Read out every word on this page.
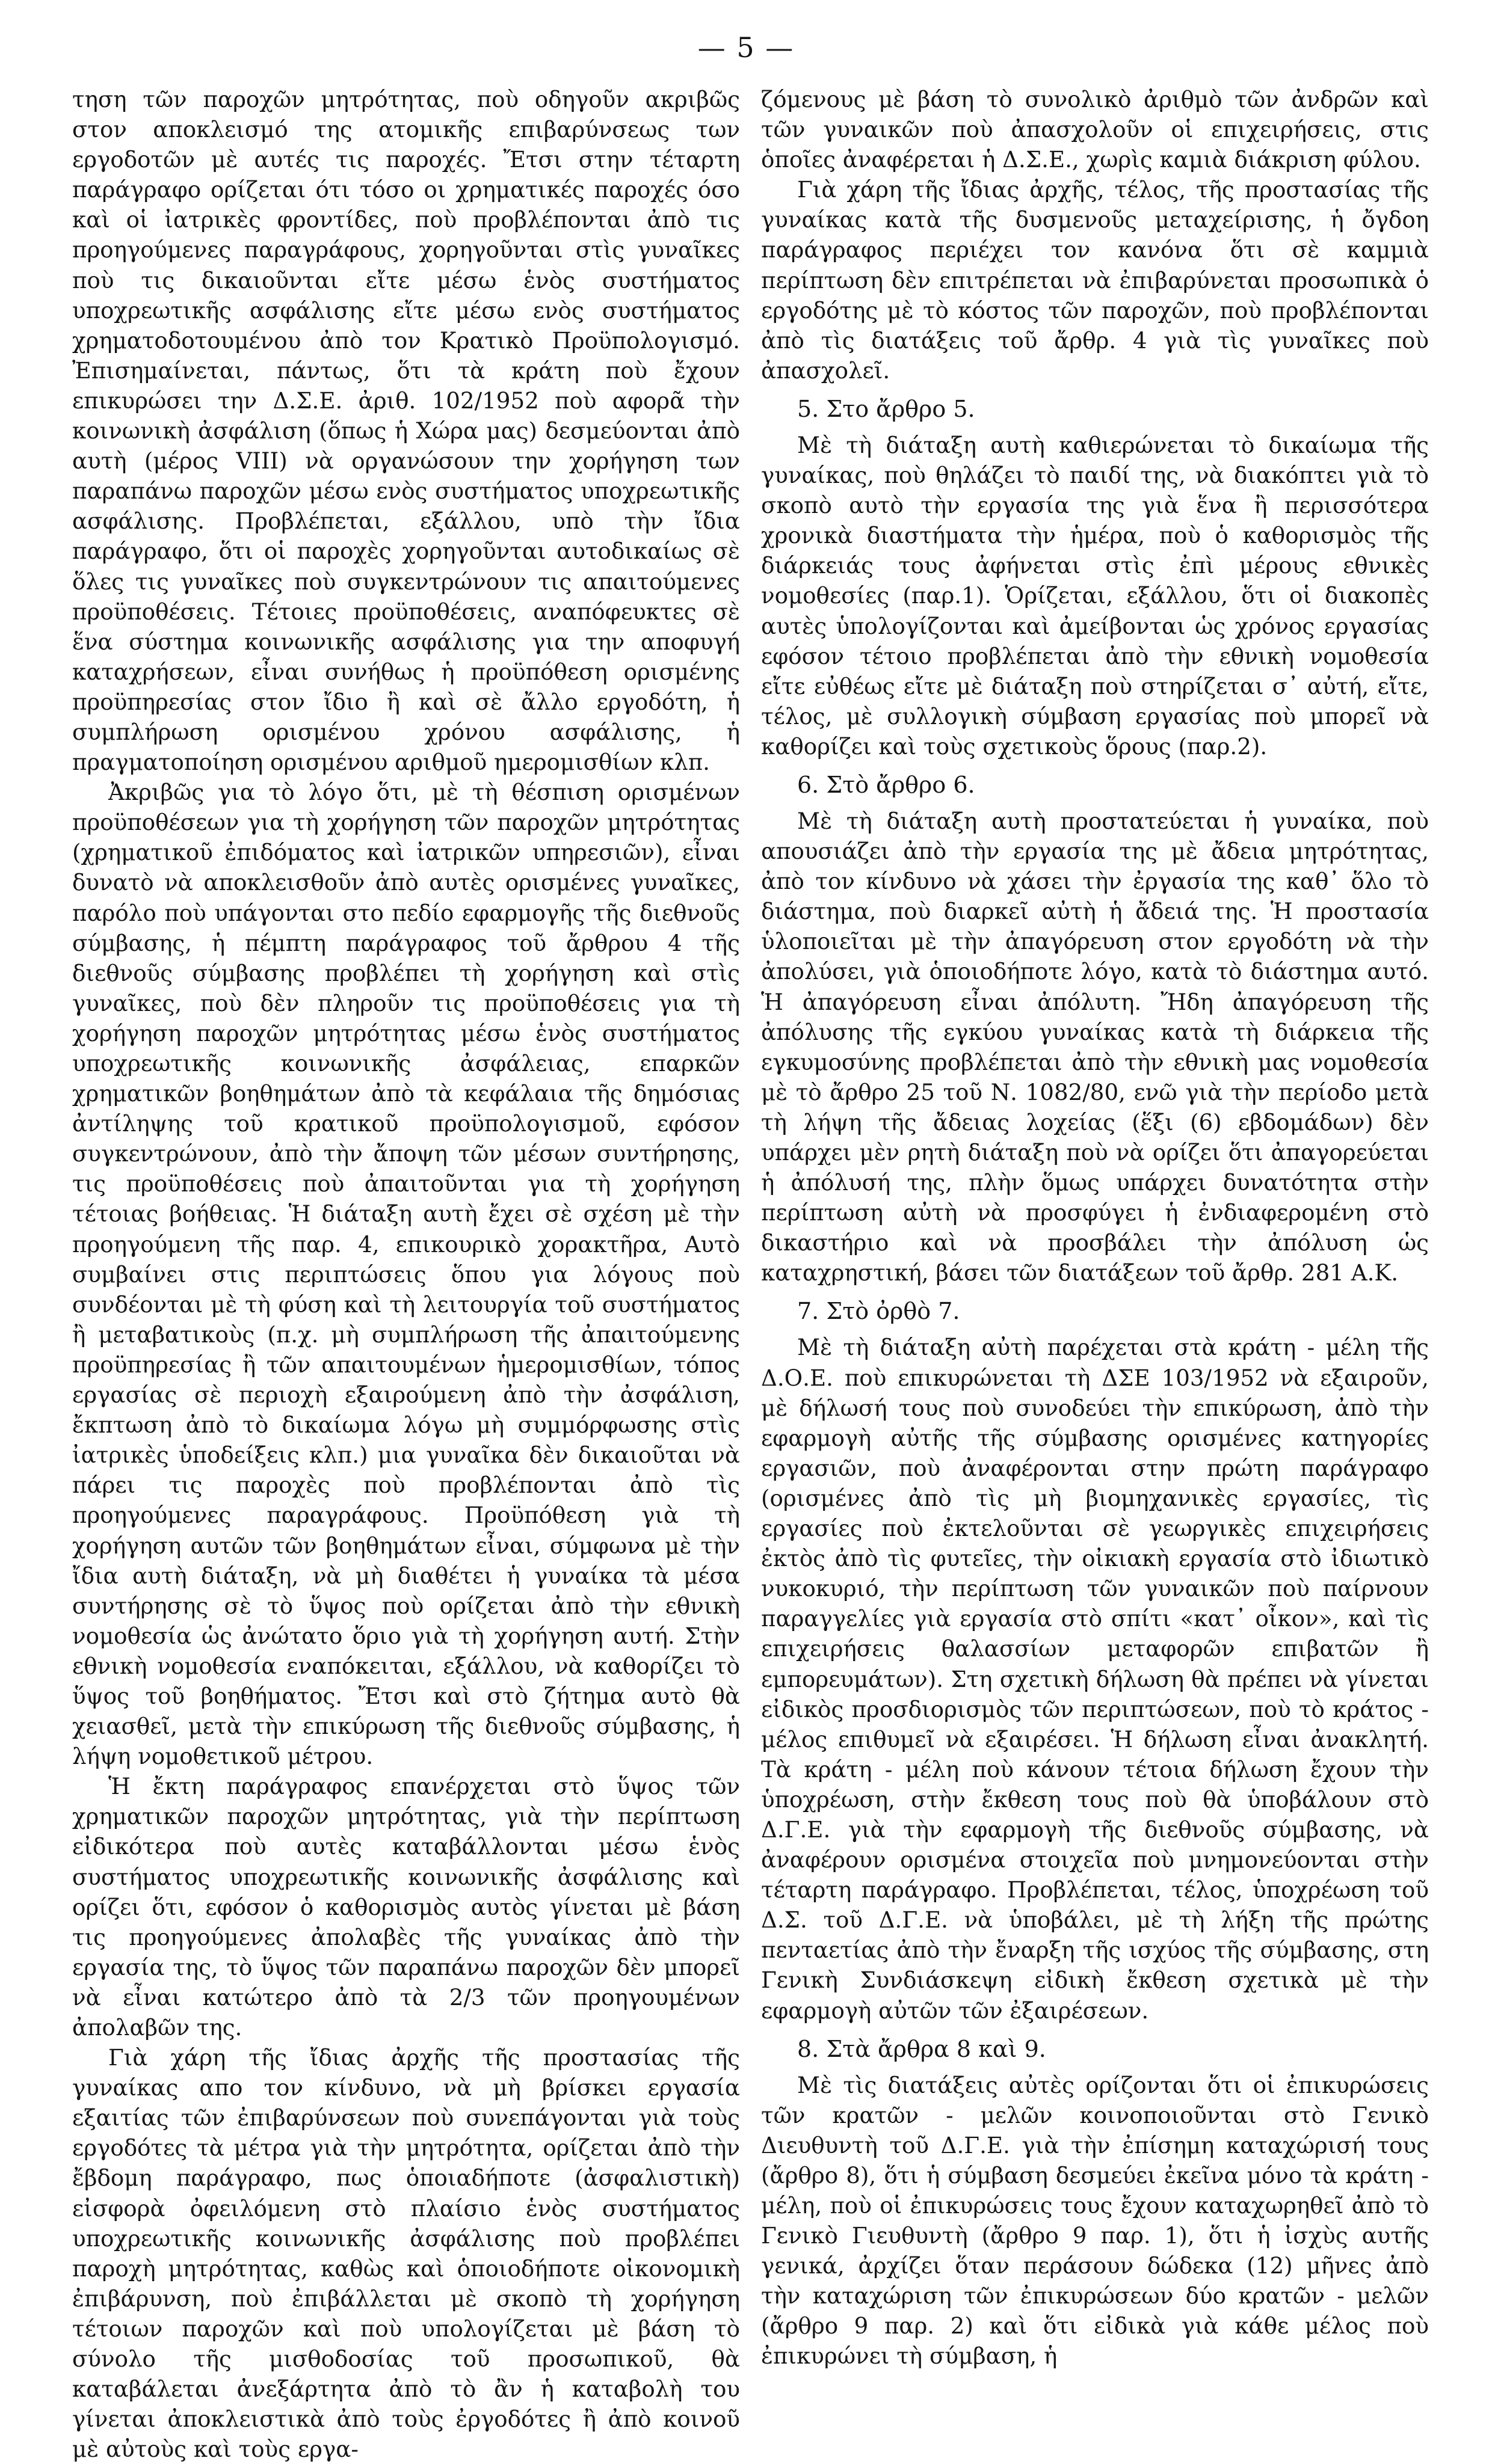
— 5 —

τηση τῶν παροχῶν μητρότητας, ποὺ οδηγοῦν ακριβῶς στον αποκλεισμό της ατομικῆς επιβαρύνσεως των εργοδοτῶν μὲ αυτές τις παροχές. Ἔτσι στην τέταρτη παράγραφο ορίζεται ότι τόσο οι χρηματικές παροχές όσο καὶ οἱ ἰατρικὲς φροντίδες, ποὺ προβλέπονται ἀπὸ τις προηγούμενες παραγράφους, χορηγοῦνται στὶς γυναῖκες ποὺ τις δικαιοῦνται εἴτε μέσω ἑνὸς συστήματος υποχρεωτικῆς ασφάλισης εἴτε μέσω ενὸς συστήματος χρηματοδοτουμένου ἀπὸ τον Κρατικὸ Προϋπολογισμό. Ἐπισημαίνεται, πάντως, ὅτι τὰ κράτη ποὺ ἔχουν επικυρώσει την Δ.Σ.Ε. ἀριθ. 102/1952 ποὺ αφορᾶ τὴν κοινωνικὴ ἀσφάλιση (ὅπως ἡ Χώρα μας) δεσμεύονται ἀπὸ αυτὴ (μέρος VIII) νὰ οργανώσουν την χορήγηση των παραπάνω παροχῶν μέσω ενὸς συστήματος υποχρεωτικῆς ασφάλισης. Προβλέπεται, εξάλλου, υπὸ τὴν ἴδια παράγραφο, ὅτι οἱ παροχὲς χορηγοῦνται αυτοδικαίως σὲ ὅλες τις γυναῖκες ποὺ συγκεντρώνουν τις απαιτούμενες προϋποθέσεις. Τέτοιες προϋποθέσεις, αναπόφευκτες σὲ ἕνα σύστημα κοινωνικῆς ασφάλισης για την αποφυγή καταχρήσεων, εἶναι συνήθως ἡ προϋπόθεση ορισμένης προϋπηρεσίας στον ἴδιο ἢ καὶ σὲ ἄλλο εργοδότη, ἡ συμπλήρωση ορισμένου χρόνου ασφάλισης, ἡ πραγματοποίηση ορισμένου αριθμοῦ ημερομισθίων κλπ.

Ἀκριβῶς για τὸ λόγο ὅτι, μὲ τὴ θέσπιση ορισμένων προϋποθέσεων για τὴ χορήγηση τῶν παροχῶν μητρότητας (χρηματικοῦ ἐπιδόματος καὶ ἰατρικῶν υπηρεσιῶν), εἶναι δυνατὸ νὰ αποκλεισθοῦν ἀπὸ αυτὲς ορισμένες γυναῖκες, παρόλο ποὺ υπάγονται στο πεδίο εφαρμογῆς τῆς διεθνοῦς σύμβασης, ἡ πέμπτη παράγραφος τοῦ ἄρθρου 4 τῆς διεθνοῦς σύμβασης προβλέπει τὴ χορήγηση καὶ στὶς γυναῖκες, ποὺ δὲν πληροῦν τις προϋποθέσεις για τὴ χορήγηση παροχῶν μητρότητας μέσω ἑνὸς συστήματος υποχρεωτικῆς κοινωνικῆς ἀσφάλειας, επαρκῶν χρηματικῶν βοηθημάτων ἀπὸ τὰ κεφάλαια τῆς δημόσιας ἀντίληψης τοῦ κρατικοῦ προϋπολογισμοῦ, εφόσον συγκεντρώνουν, ἀπὸ τὴν ἄποψη τῶν μέσων συντήρησης, τις προϋποθέσεις ποὺ ἀπαιτοῦνται για τὴ χορήγηση τέτοιας βοήθειας. Ἡ διάταξη αυτὴ ἔχει σὲ σχέση μὲ τὴν προηγούμενη τῆς παρ. 4, επικουρικὸ χορακτῆρα, Αυτὸ συμβαίνει στις περιπτώσεις ὅπου για λόγους ποὺ συνδέονται μὲ τὴ φύση καὶ τὴ λειτουργία τοῦ συστήματος ἢ μεταβατικοὺς (π.χ. μὴ συμπλήρωση τῆς ἀπαιτούμενης προϋπηρεσίας ἢ τῶν απαιτουμένων ἡμερομισθίων, τόπος εργασίας σὲ περιοχὴ εξαιρούμενη ἀπὸ τὴν ἀσφάλιση, ἔκπτωση ἀπὸ τὸ δικαίωμα λόγω μὴ συμμόρφωσης στὶς ἰατρικὲς ὑποδείξεις κλπ.) μια γυναῖκα δὲν δικαιοῦται νὰ πάρει τις παροχὲς ποὺ προβλέπονται ἀπὸ τὶς προηγούμενες παραγράφους. Προϋπόθεση γιὰ τὴ χορήγηση αυτῶν τῶν βοηθημάτων εἶναι, σύμφωνα μὲ τὴν ἴδια αυτὴ διάταξη, νὰ μὴ διαθέτει ἡ γυναίκα τὰ μέσα συντήρησης σὲ τὸ ὕψος ποὺ ορίζεται ἀπὸ τὴν εθνικὴ νομοθεσία ὡς ἀνώτατο ὅριο γιὰ τὴ χορήγηση αυτή. Στὴν εθνικὴ νομοθεσία εναπόκειται, εξάλλου, νὰ καθορίζει τὸ ὕψος τοῦ βοηθήματος. Ἔτσι καὶ στὸ ζήτημα αυτὸ θὰ χειασθεῖ, μετὰ τὴν επικύρωση τῆς διεθνοῦς σύμβασης, ἡ λήψη νομοθετικοῦ μέτρου.

Ἡ ἔκτη παράγραφος επανέρχεται στὸ ὕψος τῶν χρηματικῶν παροχῶν μητρότητας, γιὰ τὴν περίπτωση εἰδικότερα ποὺ αυτὲς καταβάλλονται μέσω ἑνὸς συστήματος υποχρεωτικῆς κοινωνικῆς ἀσφάλισης καὶ ορίζει ὅτι, εφόσον ὁ καθορισμὸς αυτὸς γίνεται μὲ βάση τις προηγούμενες ἀπολαβὲς τῆς γυναίκας ἀπὸ τὴν εργασία της, τὸ ὕψος τῶν παραπάνω παροχῶν δὲν μπορεῖ νὰ εἶναι κατώτερο ἀπὸ τὰ 2/3 τῶν προηγουμένων ἀπολαβῶν της.

Γιὰ χάρη τῆς ἴδιας ἀρχῆς τῆς προστασίας τῆς γυναίκας απο τον κίνδυνο, νὰ μὴ βρίσκει εργασία εξαιτίας τῶν ἐπιβαρύνσεων ποὺ συνεπάγονται γιὰ τοὺς εργοδότες τὰ μέτρα γιὰ τὴν μητρότητα, ορίζεται ἀπὸ τὴν ἔβδομη παράγραφο, πως ὁποιαδήποτε (ἀσφαλιστικὴ) εἰσφορὰ ὀφειλόμενη στὸ πλαίσιο ἑνὸς συστήματος υποχρεωτικῆς κοινωνικῆς ἀσφάλισης ποὺ προβλέπει παροχὴ μητρότητας, καθὼς καὶ ὁποιοδήποτε οἰκονομικὴ ἐπιβάρυνση, ποὺ ἐπιβάλλεται μὲ σκοπὸ τὴ χορήγηση τέτοιων παροχῶν καὶ ποὺ υπολογίζεται μὲ βάση τὸ σύνολο τῆς μισθοδοσίας τοῦ προσωπικοῦ, θὰ καταβάλεται ἀνεξάρτητα ἀπὸ τὸ ἂν ἡ καταβολὴ του γίνεται ἀποκλειστικὰ ἀπὸ τοὺς ἐργοδότες ἢ ἀπὸ κοινοῦ μὲ αὐτοὺς καὶ τοὺς εργα-

ζόμενους μὲ βάση τὸ συνολικὸ ἀριθμὸ τῶν ἀνδρῶν καὶ τῶν γυναικῶν ποὺ ἀπασχολοῦν οἱ επιχειρήσεις, στις ὁποῖες ἀναφέρεται ἡ Δ.Σ.Ε., χωρὶς καμιὰ διάκριση φύλου.

Γιὰ χάρη τῆς ἴδιας ἀρχῆς, τέλος, τῆς προστασίας τῆς γυναίκας κατὰ τῆς δυσμενοῦς μεταχείρισης, ἡ ὄγδοη παράγραφος περιέχει τον κανόνα ὅτι σὲ καμμιὰ περίπτωση δὲν επιτρέπεται νὰ ἐπιβαρύνεται προσωπικὰ ὁ εργοδότης μὲ τὸ κόστος τῶν παροχῶν, ποὺ προβλέπονται ἀπὸ τὶς διατάξεις τοῦ ἄρθρ. 4 γιὰ τὶς γυναῖκες ποὺ ἀπασχολεῖ.

5. Στο ἄρθρο 5.

Μὲ τὴ διάταξη αυτὴ καθιερώνεται τὸ δικαίωμα τῆς γυναίκας, ποὺ θηλάζει τὸ παιδί της, νὰ διακόπτει γιὰ τὸ σκοπὸ αυτὸ τὴν εργασία της γιὰ ἕνα ἢ περισσότερα χρονικὰ διαστήματα τὴν ἡμέρα, ποὺ ὁ καθορισμὸς τῆς διάρκειάς τους ἀφήνεται στὶς ἐπὶ μέρους εθνικὲς νομοθεσίες (παρ.1). Ὁρίζεται, εξάλλου, ὅτι οἱ διακοπὲς αυτὲς ὑπολογίζονται καὶ ἀμείβονται ὡς χρόνος εργασίας εφόσον τέτοιο προβλέπεται ἀπὸ τὴν εθνικὴ νομοθεσία εἴτε εὐθέως εἴτε μὲ διάταξη ποὺ στηρίζεται σ᾿ αὐτή, εἴτε, τέλος, μὲ συλλογικὴ σύμβαση εργασίας ποὺ μπορεῖ νὰ καθορίζει καὶ τοὺς σχετικοὺς ὅρους (παρ.2).

6. Στὸ ἄρθρο 6.

Μὲ τὴ διάταξη αυτὴ προστατεύεται ἡ γυναίκα, ποὺ απουσιάζει ἀπὸ τὴν εργασία της μὲ ἄδεια μητρότητας, ἀπὸ τον κίνδυνο νὰ χάσει τὴν ἐργασία της καθ᾿ ὅλο τὸ διάστημα, ποὺ διαρκεῖ αὐτὴ ἡ ἄδειά της. Ἡ προστασία ὑλοποιεῖται μὲ τὴν ἀπαγόρευση στον εργοδότη νὰ τὴν ἀπολύσει, γιὰ ὁποιοδήποτε λόγο, κατὰ τὸ διάστημα αυτό. Ἡ ἀπαγόρευση εἶναι ἀπόλυτη. Ἤδη ἀπαγόρευση τῆς ἀπόλυσης τῆς εγκύου γυναίκας κατὰ τὴ διάρκεια τῆς εγκυμοσύνης προβλέπεται ἀπὸ τὴν εθνικὴ μας νομοθεσία μὲ τὸ ἄρθρο 25 τοῦ Ν. 1082/80, ενῶ γιὰ τὴν περίοδο μετὰ τὴ λήψη τῆς ἄδειας λοχείας (ἕξι (6) εβδομάδων) δὲν υπάρχει μὲν ρητὴ διάταξη ποὺ νὰ ορίζει ὅτι ἀπαγορεύεται ἡ ἀπόλυσή της, πλὴν ὅμως υπάρχει δυνατότητα στὴν περίπτωση αὐτὴ νὰ προσφύγει ἡ ἐνδιαφερομένη στὸ δικαστήριο καὶ νὰ προσβάλει τὴν ἀπόλυση ὡς καταχρηστική, βάσει τῶν διατάξεων τοῦ ἄρθρ. 281 Α.Κ.

7. Στὸ ὀρθὸ 7.

Μὲ τὴ διάταξη αὐτὴ παρέχεται στὰ κράτη - μέλη τῆς Δ.Ο.Ε. ποὺ επικυρώνεται τὴ ΔΣΕ 103/1952 νὰ εξαιροῦν, μὲ δήλωσή τους ποὺ συνοδεύει τὴν επικύρωση, ἀπὸ τὴν εφαρμογὴ αὐτῆς τῆς σύμβασης ορισμένες κατηγορίες εργασιῶν, ποὺ ἀναφέρονται στην πρώτη παράγραφο (ορισμένες ἀπὸ τὶς μὴ βιομηχανικὲς εργασίες, τὶς εργασίες ποὺ ἐκτελοῦνται σὲ γεωργικὲς επιχειρήσεις ἐκτὸς ἀπὸ τὶς φυτεῖες, τὴν οἰκιακὴ εργασία στὸ ἰδιωτικὸ νυκοκυριό, τὴν περίπτωση τῶν γυναικῶν ποὺ παίρνουν παραγγελίες γιὰ εργασία στὸ σπίτι «κατ᾿ οἶκον», καὶ τὶς επιχειρήσεις θαλασσίων μεταφορῶν επιβατῶν ἢ εμπορευμάτων). Στη σχετικὴ δήλωση θὰ πρέπει νὰ γίνεται εἰδικὸς προσδιορισμὸς τῶν περιπτώσεων, ποὺ τὸ κράτος - μέλος επιθυμεῖ νὰ εξαιρέσει. Ἡ δήλωση εἶναι ἀνακλητή. Τὰ κράτη - μέλη ποὺ κάνουν τέτοια δήλωση ἔχουν τὴν ὑποχρέωση, στὴν ἔκθεση τους ποὺ θὰ ὑποβάλουν στὸ Δ.Γ.Ε. γιὰ τὴν εφαρμογὴ τῆς διεθνοῦς σύμβασης, νὰ ἀναφέρουν ορισμένα στοιχεῖα ποὺ μνημονεύονται στὴν τέταρτη παράγραφο. Προβλέπεται, τέλος, ὑποχρέωση τοῦ Δ.Σ. τοῦ Δ.Γ.Ε. νὰ ὑποβάλει, μὲ τὴ λήξη τῆς πρώτης πενταετίας ἀπὸ τὴν ἔναρξη τῆς ισχύος τῆς σύμβασης, στη Γενικὴ Συνδιάσκεψη εἰδικὴ ἔκθεση σχετικὰ μὲ τὴν εφαρμογὴ αὐτῶν τῶν ἐξαιρέσεων.

8. Στὰ ἄρθρα 8 καὶ 9.

Μὲ τὶς διατάξεις αὐτὲς ορίζονται ὅτι οἱ ἐπικυρώσεις τῶν κρατῶν - μελῶν κοινοποιοῦνται στὸ Γενικὸ Διευθυντὴ τοῦ Δ.Γ.Ε. γιὰ τὴν ἐπίσημη καταχώρισή τους (ἄρθρο 8), ὅτι ἡ σύμβαση δεσμεύει ἐκεῖνα μόνο τὰ κράτη - μέλη, ποὺ οἱ ἐπικυρώσεις τους ἔχουν καταχωρηθεῖ ἀπὸ τὸ Γενικὸ Γιευθυντὴ (ἄρθρο 9 παρ. 1), ὅτι ἡ ἰσχὺς αυτῆς γενικά, ἀρχίζει ὅταν περάσουν δώδεκα (12) μῆνες ἀπὸ τὴν καταχώριση τῶν ἐπικυρώσεων δύο κρατῶν - μελῶν (ἄρθρο 9 παρ. 2) καὶ ὅτι εἰδικὰ γιὰ κάθε μέλος ποὺ ἐπικυρώνει τὴ σύμβαση, ἡ
